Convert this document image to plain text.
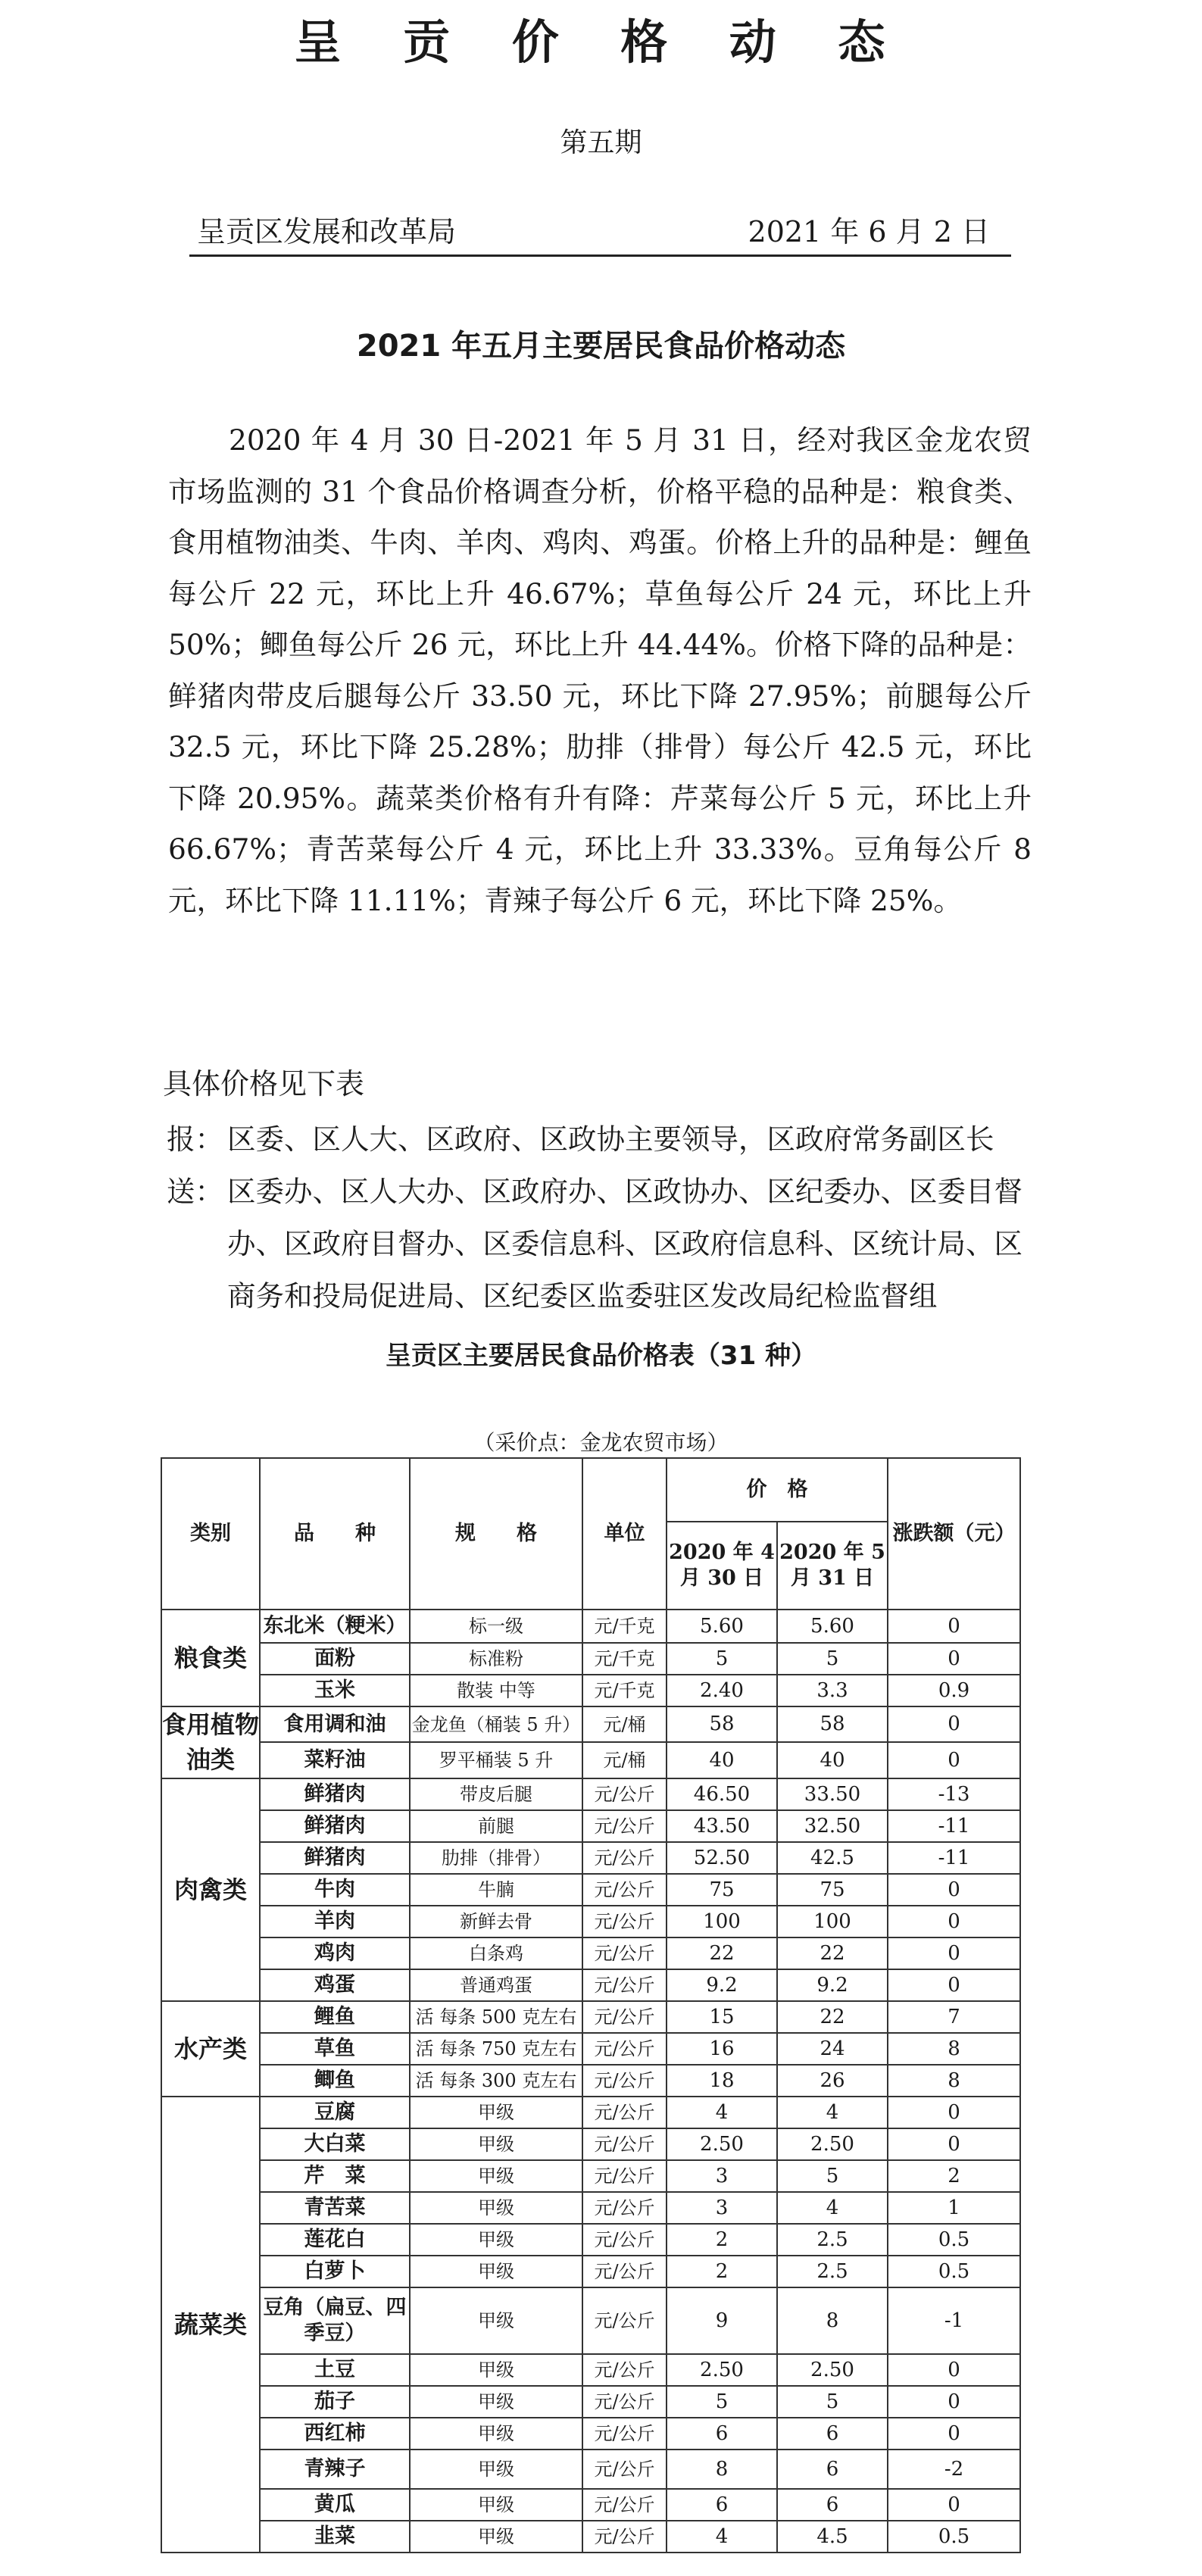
呈 贡 价 格 动 态
第五期
呈贡区发展和改革局	2021 年 6 月 2 日
2021 年五月主要居民食品价格动态
2020 年 4 月 30 日-2021 年 5 月 31 日，经对我区金龙农贸市场监测的 31 个食品价格调查分析，价格平稳的品种是：粮食类、食用植物油类、牛肉、羊肉、鸡肉、鸡蛋。价格上升的品种是：鲤鱼每公斤 22 元，环比上升 46.67%；草鱼每公斤 24 元，环比上升 50%；鲫鱼每公斤 26 元，环比上升 44.44%。价格下降的品种是：鲜猪肉带皮后腿每公斤 33.50 元，环比下降 27.95%；前腿每公斤 32.5 元，环比下降 25.28%；肋排（排骨）每公斤 42.5 元，环比下降 20.95%。蔬菜类价格有升有降：芹菜每公斤 5 元，环比上升 66.67%；青苦菜每公斤 4 元，环比上升 33.33%。豆角每公斤 8 元，环比下降 11.11%；青辣子每公斤 6 元，环比下降 25%。
具体价格见下表
报： 区委、区人大、区政府、区政协主要领导，区政府常务副区长
送： 区委办、区人大办、区政府办、区政协办、区纪委办、区委目督办、区政府目督办、区委信息科、区政府信息科、区统计局、区商务和投局促进局、区纪委区监委驻区发改局纪检监督组
呈贡区主要居民食品价格表（31 种）
（采价点：金龙农贸市场）
类别	品　　种	规　　格	单位	价　格		涨跌额（元）
				2020 年 4 月 30 日	2020 年 5 月 31 日	
粮食类	东北米（粳米）	标一级	元/千克	5.60	5.60	0
	面粉	标准粉	元/千克	5	5	0
	玉米	散装 中等	元/千克	2.40	3.3	0.9
食用植物油类	食用调和油	金龙鱼（桶装 5 升）	元/桶	58	58	0
	菜籽油	罗平桶装 5 升	元/桶	40	40	0
肉禽类	鲜猪肉	带皮后腿	元/公斤	46.50	33.50	-13
	鲜猪肉	前腿	元/公斤	43.50	32.50	-11
	鲜猪肉	肋排（排骨）	元/公斤	52.50	42.5	-11
	牛肉	牛腩	元/公斤	75	75	0
	羊肉	新鲜去骨	元/公斤	100	100	0
	鸡肉	白条鸡	元/公斤	22	22	0
	鸡蛋	普通鸡蛋	元/公斤	9.2	9.2	0
水产类	鲤鱼	活 每条 500 克左右	元/公斤	15	22	7
	草鱼	活 每条 750 克左右	元/公斤	16	24	8
	鲫鱼	活 每条 300 克左右	元/公斤	18	26	8
蔬菜类	豆腐	甲级	元/公斤	4	4	0
	大白菜	甲级	元/公斤	2.50	2.50	0
	芹　菜	甲级	元/公斤	3	5	2
	青苦菜	甲级	元/公斤	3	4	1
	莲花白	甲级	元/公斤	2	2.5	0.5
	白萝卜	甲级	元/公斤	2	2.5	0.5
	豆角（扁豆、四季豆）	甲级	元/公斤	9	8	-1
	土豆	甲级	元/公斤	2.50	2.50	0
	茄子	甲级	元/公斤	5	5	0
	西红柿	甲级	元/公斤	6	6	0
	青辣子	甲级	元/公斤	8	6	-2
	黄瓜	甲级	元/公斤	6	6	0
	韭菜	甲级	元/公斤	4	4.5	0.5
